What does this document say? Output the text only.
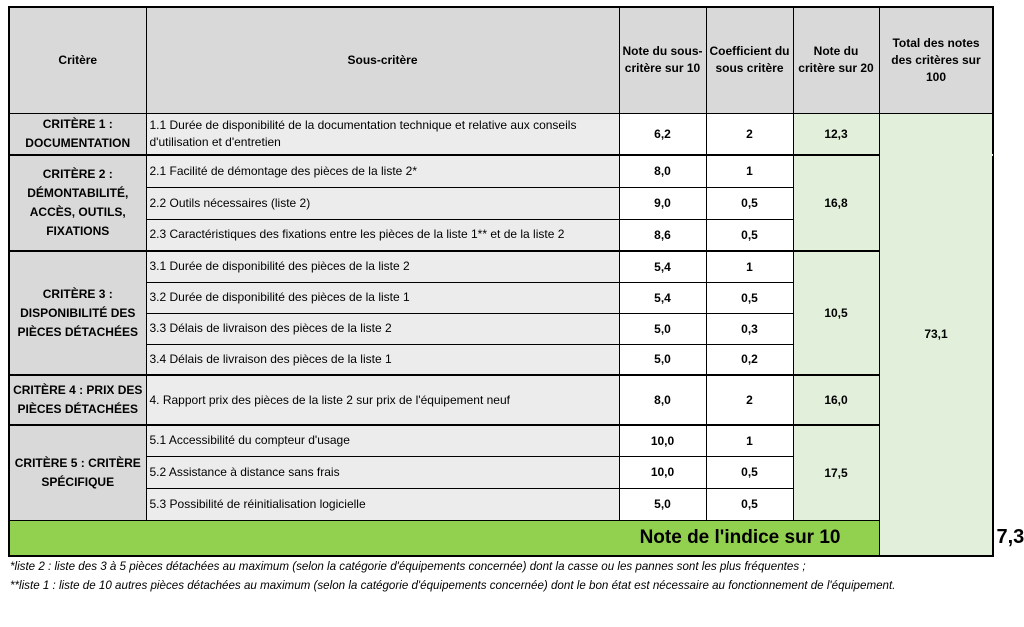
Critère	Sous-critère	Note du sous-critère sur 10	Coefficient du sous critère	Note du critère sur 20	Total des notes des critères sur 100	
CRITÈRE 1 : DOCUMENTATION	1.1 Durée de disponibilité de la documentation technique et relative aux conseils d'utilisation et d'entretien	6,2	2	12,3	73,1	
CRITÈRE 2 : DÉMONTABILITÉ, ACCÈS, OUTILS, FIXATIONS	2.1 Facilité de démontage des pièces de la liste 2*	8,0	1	16,8		
	2.2 Outils nécessaires (liste 2)	9,0	0,5			
	2.3 Caractéristiques des fixations entre les pièces de la liste 1** et de la liste 2	8,6	0,5			
CRITÈRE 3 : DISPONIBILITÉ DES PIÈCES DÉTACHÉES	3.1 Durée de disponibilité des pièces de la liste 2	5,4	1	10,5		
	3.2 Durée de disponibilité des pièces de la liste 1	5,4	0,5			
	3.3 Délais de livraison des pièces de la liste 2	5,0	0,3			
	3.4 Délais de livraison des pièces de la liste 1	5,0	0,2			
CRITÈRE 4 : PRIX DES PIÈCES DÉTACHÉES	4. Rapport prix des pièces de la liste 2 sur prix de l'équipement neuf	8,0	2	16,0		
CRITÈRE 5 : CRITÈRE SPÉCIFIQUE	5.1 Accessibilité du compteur d'usage	10,0	1	17,5		
	5.2 Assistance à distance sans frais	10,0	0,5			
	5.3 Possibilité de réinitialisation logicielle	5,0	0,5			
Note de l'indice sur 10						7,3

*liste 2 : liste des 3 à 5 pièces détachées au maximum (selon la catégorie d'équipements concernée) dont la casse ou les pannes sont les plus fréquentes ;

**liste 1 : liste de 10 autres pièces détachées au maximum (selon la catégorie d'équipements concernée) dont le bon état est nécessaire au fonctionnement de l'équipement.
